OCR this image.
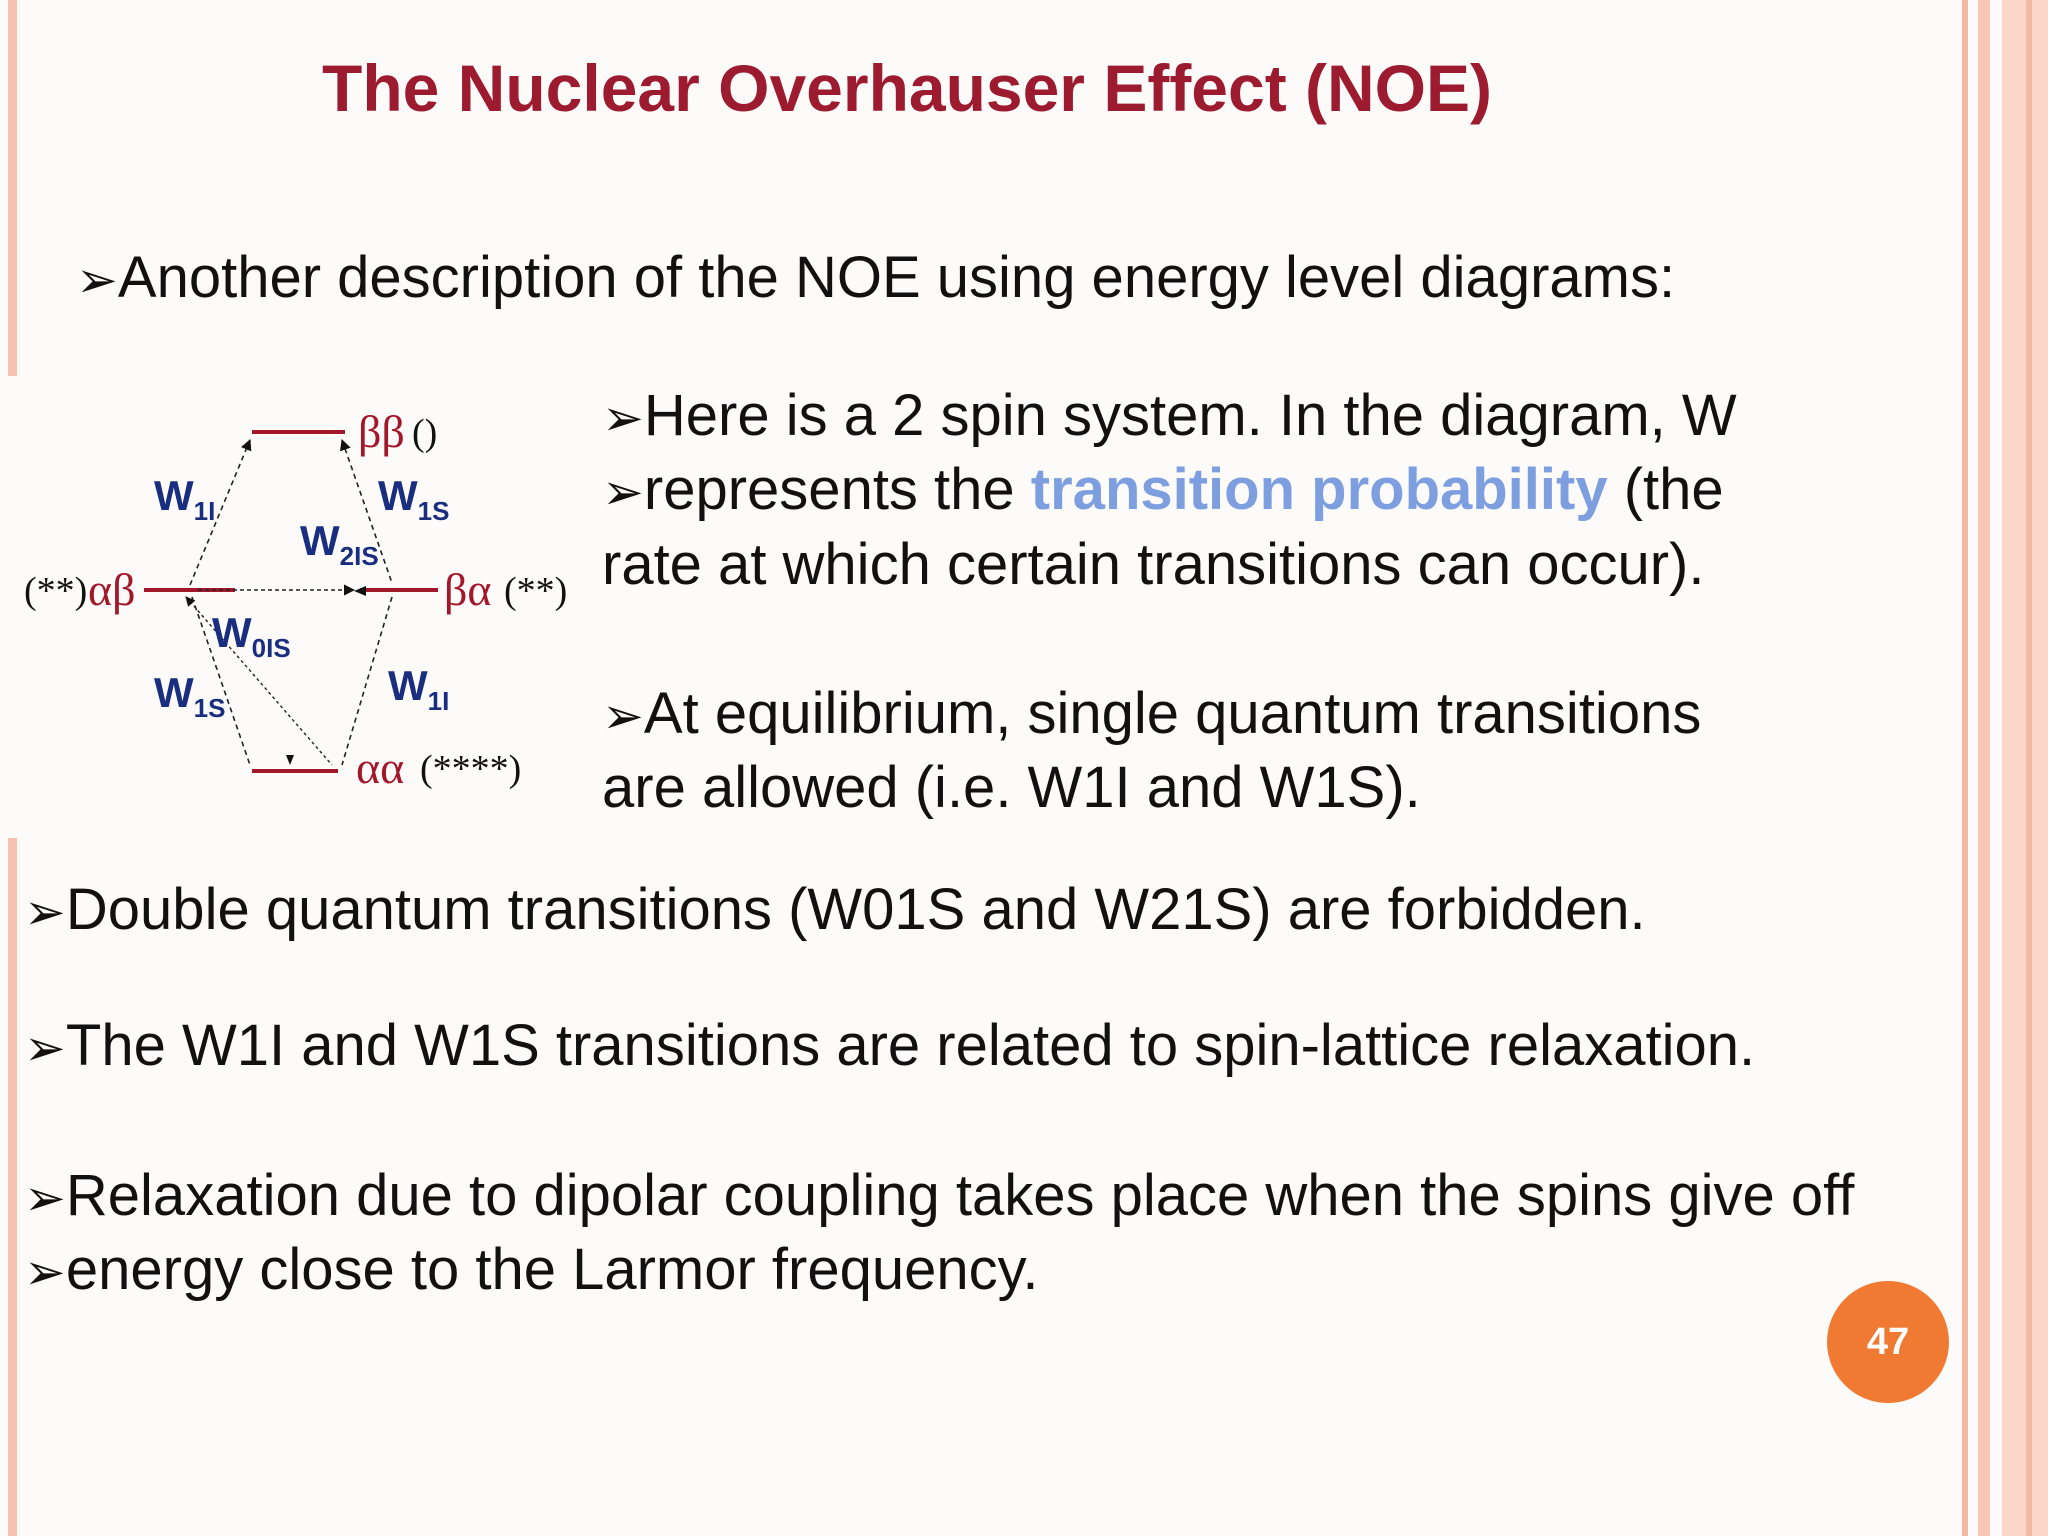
The Nuclear Overhauser Effect (NOE)
➢Another description of the NOE using energy level diagrams:
ββ ()
(**) αβ	βα (**)
αα (****)
$W_{1I}$	$W_{1S}$
$W_{2IS}$
$W_{0IS}$
$W_{1S}$	$W_{1I}$
➢Here is a 2 spin system. In the diagram, W
➢represents the transition probability (the
rate at which certain transitions can occur).
➢At equilibrium, single quantum transitions
are allowed (i.e. W1I and W1S).
➢Double quantum transitions (W01S and W21S) are forbidden.
➢The W1I and W1S transitions are related to spin-lattice relaxation.
➢Relaxation due to dipolar coupling takes place when the spins give off
➢energy close to the Larmor frequency.
47
